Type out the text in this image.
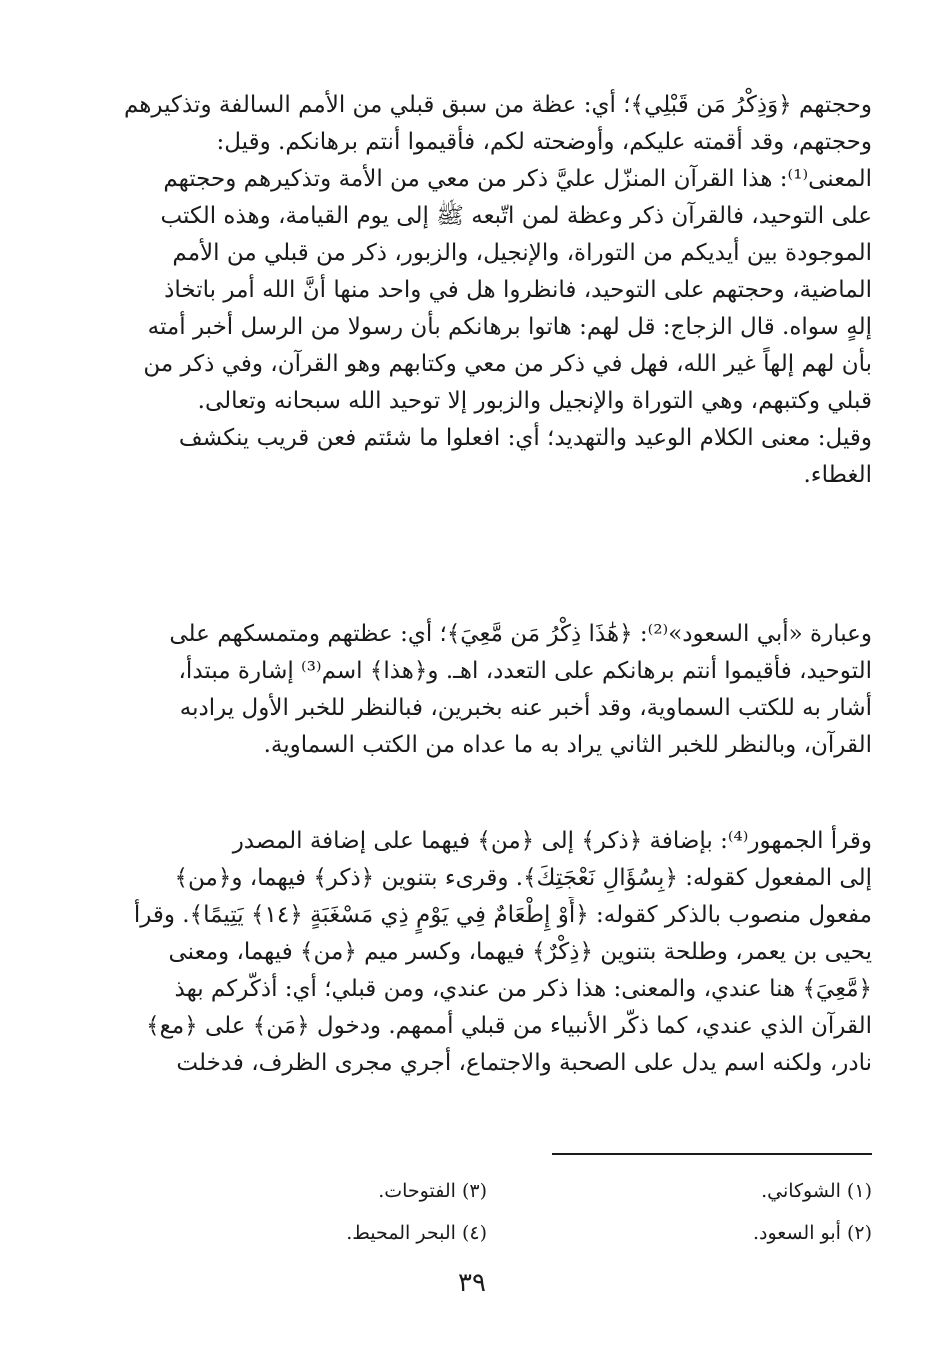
وحجتهم ﴿وَذِكْرُ مَن قَبْلِي﴾؛ أي: عظة من سبق قبلي من الأمم السالفة وتذكيرهم
وحجتهم، وقد أقمته عليكم، وأوضحته لكم، فأقيموا أنتم برهانكم. وقيل:
المعنى⁽¹⁾: هذا القرآن المنزّل عليَّ ذكر من معي من الأمة وتذكيرهم وحجتهم
على التوحيد، فالقرآن ذكر وعظة لمن اتّبعه ﷺ إلى يوم القيامة، وهذه الكتب
الموجودة بين أيديكم من التوراة، والإنجيل، والزبور، ذكر من قبلي من الأمم
الماضية، وحجتهم على التوحيد، فانظروا هل في واحد منها أنَّ الله أمر باتخاذ
إلهٍ سواه. قال الزجاج: قل لهم: هاتوا برهانكم بأن رسولا من الرسل أخبر أمته
بأن لهم إلهاً غير الله، فهل في ذكر من معي وكتابهم وهو القرآن، وفي ذكر من
قبلي وكتبهم، وهي التوراة والإنجيل والزبور إلا توحيد الله سبحانه وتعالى.
وقيل: معنى الكلام الوعيد والتهديد؛ أي: افعلوا ما شئتم فعن قريب ينكشف
الغطاء.
وعبارة «أبي السعود»⁽²⁾: ﴿هَٰذَا ذِكْرُ مَن مَّعِيَ﴾؛ أي: عظتهم ومتمسكهم على
التوحيد، فأقيموا أنتم برهانكم على التعدد، اهـ. و﴿هذا﴾ اسم⁽³⁾ إشارة مبتدأ،
أشار به للكتب السماوية، وقد أخبر عنه بخبرين، فبالنظر للخبر الأول يرادبه
القرآن، وبالنظر للخبر الثاني يراد به ما عداه من الكتب السماوية.
وقرأ الجمهور⁽⁴⁾: بإضافة ﴿ذكر﴾ إلى ﴿من﴾ فيهما على إضافة المصدر
إلى المفعول كقوله: ﴿بِسُؤَالِ نَعْجَتِكَ﴾. وقرىء بتنوين ﴿ذكر﴾ فيهما، و﴿من﴾
مفعول منصوب بالذكر كقوله: ﴿أَوْ إِطْعَامٌ فِي يَوْمٍ ذِي مَسْغَبَةٍ ﴿١٤﴾ يَتِيمًا﴾. وقرأ
يحيى بن يعمر، وطلحة بتنوين ﴿ذِكْرٌ﴾ فيهما، وكسر ميم ﴿من﴾ فيهما، ومعنى
﴿مَّعِيَ﴾ هنا عندي، والمعنى: هذا ذكر من عندي، ومن قبلي؛ أي: أذكّركم بهذ
القرآن الذي عندي، كما ذكّر الأنبياء من قبلي أممهم. ودخول ﴿مَن﴾ على ﴿مع﴾
نادر، ولكنه اسم يدل على الصحبة والاجتماع، أجري مجرى الظرف، فدخلت
(١) الشوكاني.
(٣) الفتوحات.
(٢) أبو السعود.
(٤) البحر المحيط.
٣٩
